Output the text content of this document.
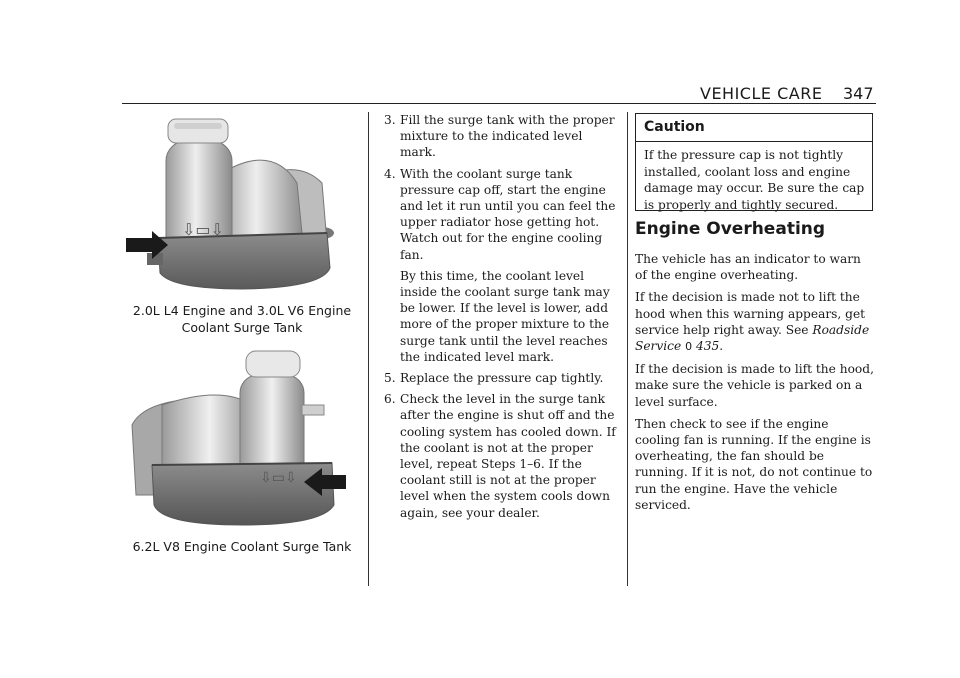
VEHICLE CARE 347
⇩▭⇩
2.0L L4 Engine and 3.0L V6 Engine
Coolant Surge Tank
⇩▭⇩
6.2L V8 Engine Coolant Surge Tank
3. Fill the surge tank with the proper mixture to the indicated level mark.
4. With the coolant surge tank pressure cap off, start the engine and let it run until you can feel the upper radiator hose getting hot. Watch out for the engine cooling fan.
By this time, the coolant level inside the coolant surge tank may be lower. If the level is lower, add more of the proper mixture to the surge tank until the level reaches the indicated level mark.
5. Replace the pressure cap tightly.
6. Check the level in the surge tank after the engine is shut off and the cooling system has cooled down. If the coolant is not at the proper level, repeat Steps 1–6. If the coolant still is not at the proper level when the system cools down again, see your dealer.
Caution
If the pressure cap is not tightly installed, coolant loss and engine damage may occur. Be sure the cap is properly and tightly secured.
Engine Overheating

The vehicle has an indicator to warn of the engine overheating.

If the decision is made not to lift the hood when this warning appears, get service help right away. See Roadside Service 0 435.

If the decision is made to lift the hood, make sure the vehicle is parked on a level surface.

Then check to see if the engine cooling fan is running. If the engine is overheating, the fan should be running. If it is not, do not continue to run the engine. Have the vehicle serviced.
